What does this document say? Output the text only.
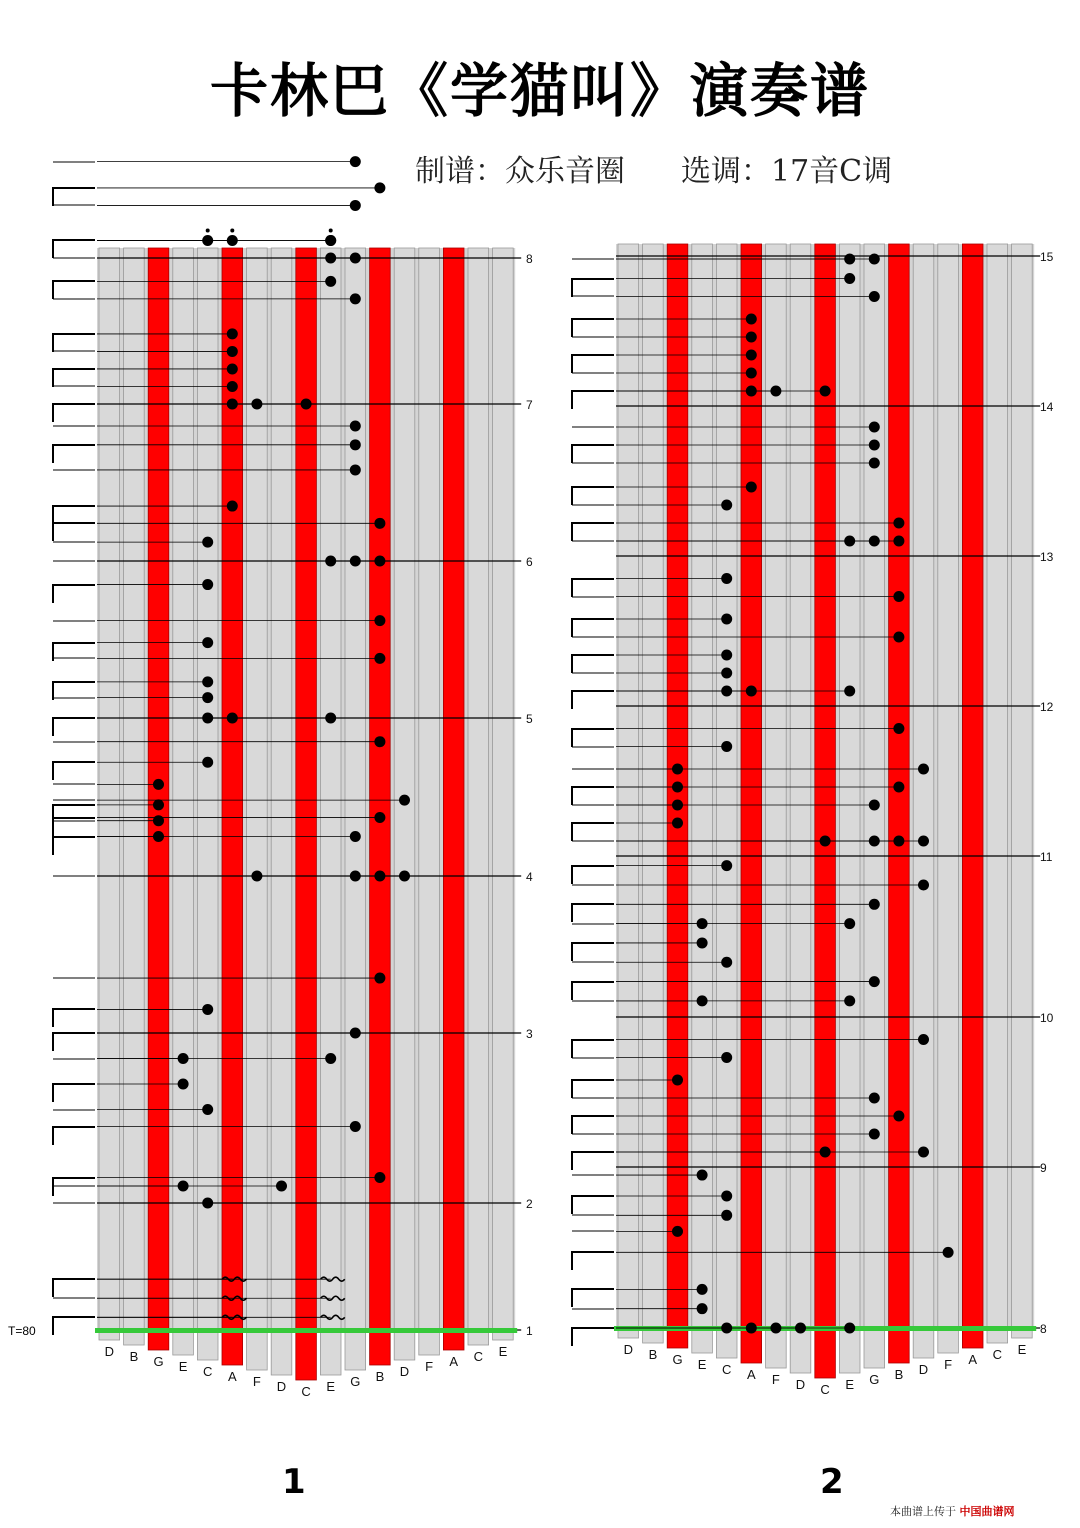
卡林巴《学猫叫》演奏谱
制谱：众乐音圈 选调：17音C调
D B G E C A F D C E G B D F A C E
1
2
3
4
5
6
7
8
D B G E C A F D C E G B D F A C E
8
9
10
11
12
13
14
15
T=80
1	2
本曲谱上传于 中国曲谱网
